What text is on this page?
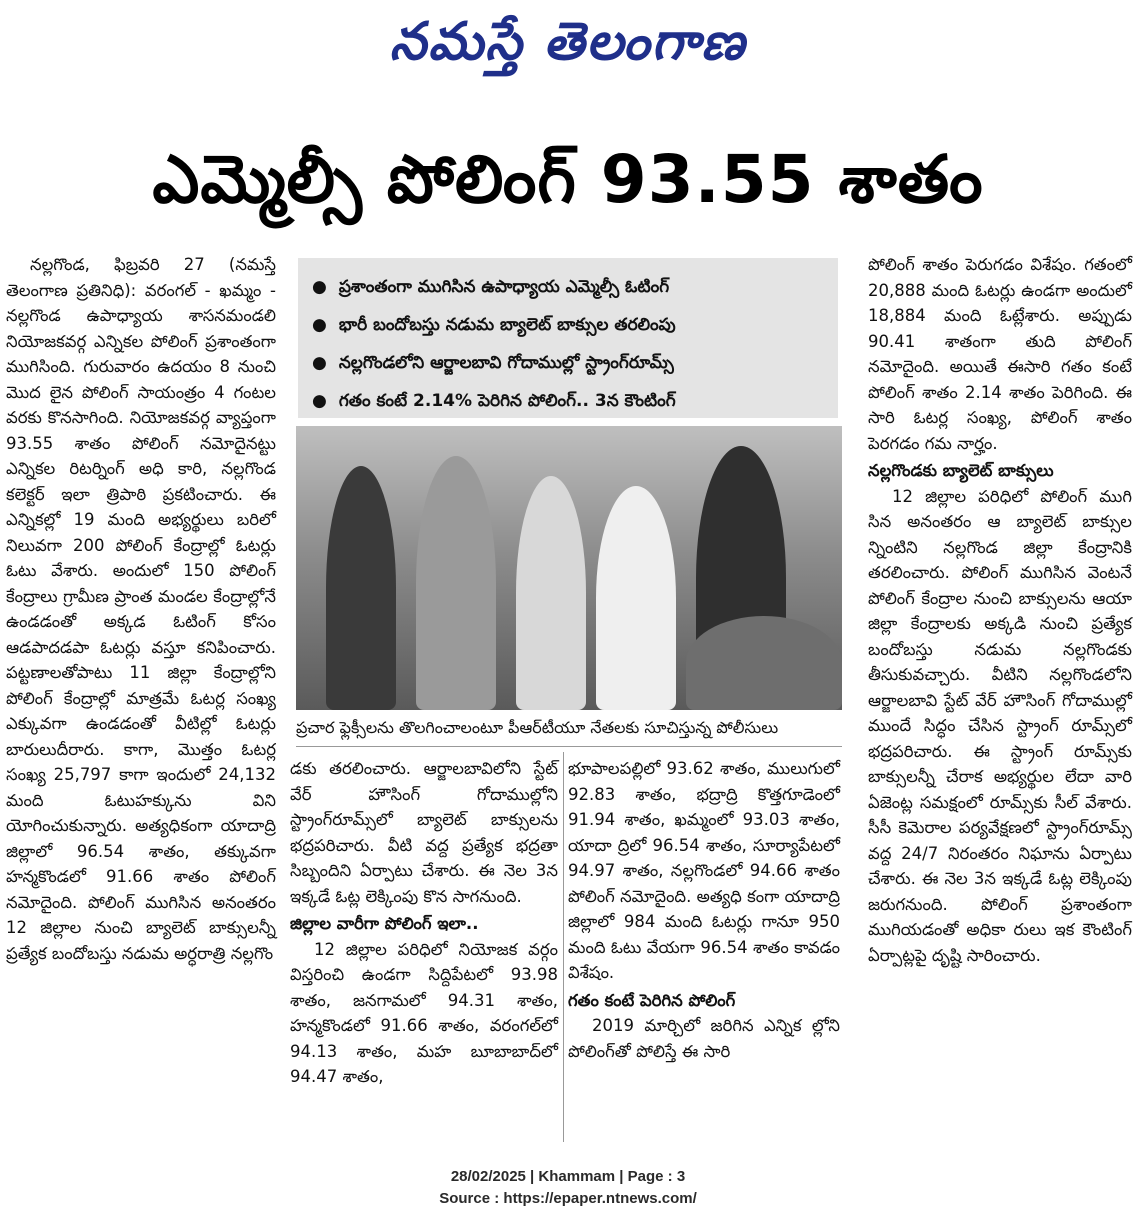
నమస్తే తెలంగాణ
ఎమ్మెల్సీ పోలింగ్ 93.55 శాతం

నల్లగొండ, ఫిబ్రవరి 27 (నమస్తే తెలంగాణ ప్రతినిధి): వరంగల్ - ఖమ్మం - నల్లగొండ ఉపాధ్యాయ శాసనమండలి నియోజకవర్గ ఎన్నికల పోలింగ్ ప్రశాంతంగా ముగిసింది. గురువారం ఉదయం 8 నుంచి మొద లైన పోలింగ్ సాయంత్రం 4 గంటల వరకు కొనసాగింది. నియోజకవర్గ వ్యాప్తంగా 93.55 శాతం పోలింగ్ నమోదైనట్టు ఎన్నికల రిటర్నింగ్ అధి కారి, నల్లగొండ కలెక్టర్ ఇలా త్రిపాఠి ప్రకటించారు. ఈ ఎన్నికల్లో 19 మంది అభ్యర్థులు బరిలో నిలువగా 200 పోలింగ్ కేంద్రాల్లో ఓటర్లు ఓటు వేశారు. అందులో 150 పోలింగ్ కేంద్రాలు గ్రామీణ ప్రాంత మండల కేంద్రాల్లోనే ఉండడంతో అక్కడ ఓటింగ్ కోసం ఆడపాదడపా ఓటర్లు వస్తూ కనిపించారు. పట్టణాలతోపాటు 11 జిల్లా కేంద్రాల్లోని పోలింగ్ కేంద్రాల్లో మాత్రమే ఓటర్ల సంఖ్య ఎక్కువగా ఉండడంతో వీటిల్లో ఓటర్లు బారులుదీరారు. కాగా, మొత్తం ఓటర్ల సంఖ్య 25,797 కాగా ఇందులో 24,132 మంది ఓటుహక్కును విని యోగించుకున్నారు. అత్యధికంగా యాదాద్రి జిల్లాలో 96.54 శాతం, తక్కువగా హన్మకొండలో 91.66 శాతం పోలింగ్ నమోదైంది. పోలింగ్ ముగిసిన అనంతరం 12 జిల్లాల నుంచి బ్యాలెట్ బాక్సులన్నీ ప్రత్యేక బందోబస్తు నడుమ అర్ధరాత్రి నల్లగొం

● ప్రశాంతంగా ముగిసిన ఉపాధ్యాయ ఎమ్మెల్సీ ఓటింగ్
● భారీ బందోబస్తు నడుమ బ్యాలెట్ బాక్సుల తరలింపు
● నల్లగొండలోని ఆర్జాలబావి గోదాముల్లో స్ట్రాంగ్‌రూమ్స్
● గతం కంటే 2.14% పెరిగిన పోలింగ్.. 3న కౌంటింగ్
ప్రచార ఫ్లెక్సీలను తొలగించాలంటూ పీఆర్‌టీయూ నేతలకు సూచిస్తున్న పోలీసులు

డకు తరలించారు. ఆర్జాలబావిలోని స్టేట్ వేర్ హౌసింగ్ గోదాముల్లోని స్ట్రాంగ్‌రూమ్స్‌లో బ్యాలెట్ బాక్సులను భద్రపరిచారు. వీటి వద్ద ప్రత్యేక భద్రతా సిబ్బందిని ఏర్పాటు చేశారు. ఈ నెల 3న ఇక్కడే ఓట్ల లెక్కింపు కొన సాగనుంది.

జిల్లాల వారీగా పోలింగ్ ఇలా..

12 జిల్లాల పరిధిలో నియోజక వర్గం విస్తరించి ఉండగా సిద్దిపేటలో 93.98 శాతం, జనగామలో 94.31 శాతం, హన్మకొండలో 91.66 శాతం, వరంగల్‌లో 94.13 శాతం, మహ బూబాబాద్‌లో 94.47 శాతం,

భూపాలపల్లిలో 93.62 శాతం, ములుగులో 92.83 శాతం, భద్రాద్రి కొత్తగూడెంలో 91.94 శాతం, ఖమ్మంలో 93.03 శాతం, యాదా ద్రిలో 96.54 శాతం, సూర్యాపేటలో 94.97 శాతం, నల్లగొండలో 94.66 శాతం పోలింగ్ నమోదైంది. అత్యధి కంగా యాదాద్రి జిల్లాలో 984 మంది ఓటర్లు గానూ 950 మంది ఓటు వేయగా 96.54 శాతం కావడం విశేషం.

గతం కంటే పెరిగిన పోలింగ్

2019 మార్చిలో జరిగిన ఎన్నిక ల్లోని పోలింగ్‌తో పోలిస్తే ఈ సారి

పోలింగ్ శాతం పెరుగడం విశేషం. గతంలో 20,888 మంది ఓటర్లు ఉండగా అందులో 18,884 మంది ఓట్లేశారు. అప్పుడు 90.41 శాతంగా తుది పోలింగ్ నమోదైంది. అయితే ఈసారి గతం కంటే పోలింగ్ శాతం 2.14 శాతం పెరిగింది. ఈ సారి ఓటర్ల సంఖ్య, పోలింగ్ శాతం పెరగడం గమ నార్హం.

నల్లగొండకు బ్యాలెట్ బాక్సులు

12 జిల్లాల పరిధిలో పోలింగ్ ముగి సిన అనంతరం ఆ బ్యాలెట్ బాక్సుల న్నింటిని నల్లగొండ జిల్లా కేంద్రానికి తరలించారు. పోలింగ్ ముగిసిన వెంటనే పోలింగ్ కేంద్రాల నుంచి బాక్సులను ఆయా జిల్లా కేంద్రాలకు అక్కడి నుంచి ప్రత్యేక బందోబస్తు నడుమ నల్లగొండకు తీసుకువచ్చారు. వీటిని నల్లగొండలోని ఆర్జాలబావి స్టేట్ వేర్ హౌసింగ్ గోదాముల్లో ముందే సిద్ధం చేసిన స్ట్రాంగ్ రూమ్స్‌లో భద్రపరిచారు. ఈ స్ట్రాంగ్ రూమ్స్‌కు బాక్సులన్నీ చేరాక అభ్యర్థుల లేదా వారి ఏజెంట్ల సమక్షంలో రూమ్స్‌కు సీల్ వేశారు. సీసీ కెమెరాల పర్యవేక్షణలో స్ట్రాంగ్‌రూమ్స్ వద్ద 24/7 నిరంతరం నిఘాను ఏర్పాటు చేశారు. ఈ నెల 3న ఇక్కడే ఓట్ల లెక్కింపు జరుగనుంది. పోలింగ్ ప్రశాంతంగా ముగియడంతో అధికా రులు ఇక కౌంటింగ్ ఏర్పాట్లపై దృష్టి సారించారు.

28/02/2025 | Khammam | Page : 3
Source : https://epaper.ntnews.com/
